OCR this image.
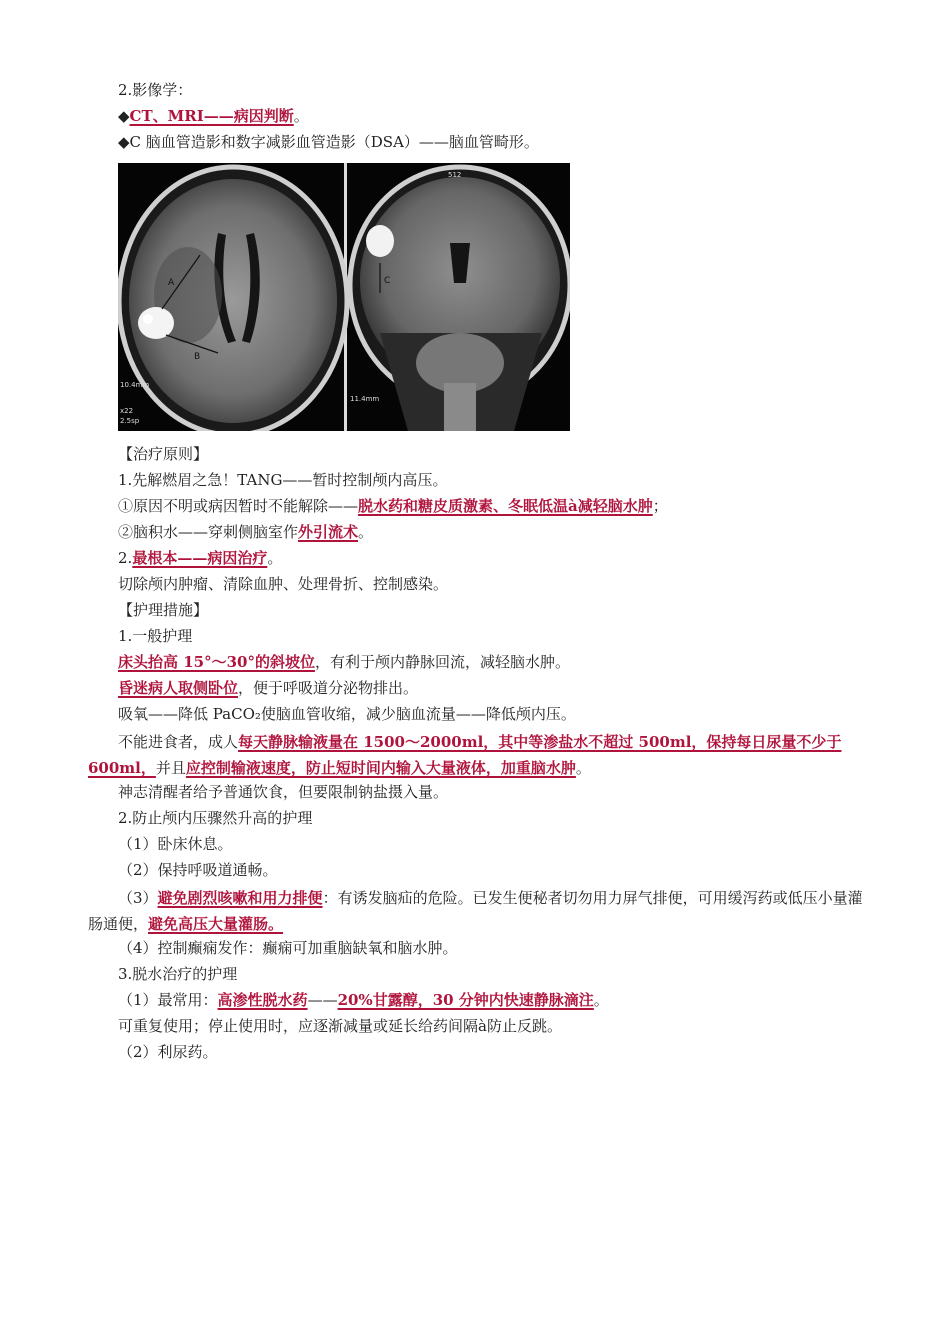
2.影像学：
◆CT、MRI——病因判断。
◆C 脑血管造影和数字减影血管造影（DSA）——脑血管畸形。
A
B
10.4mm
x22
2.5sp
C
11.4mm
512
【治疗原则】
1.先解燃眉之急！TANG——暂时控制颅内高压。
①原因不明或病因暂时不能解除——脱水药和糖皮质激素、冬眠低温à减轻脑水肿；
②脑积水——穿刺侧脑室作外引流术。
2.最根本——病因治疗。
切除颅内肿瘤、清除血肿、处理骨折、控制感染。
【护理措施】
1.一般护理
床头抬高 15°～30°的斜坡位，有利于颅内静脉回流，减轻脑水肿。
昏迷病人取侧卧位，便于呼吸道分泌物排出。
吸氧——降低 PaCO₂使脑血管收缩，减少脑血流量——降低颅内压。
不能进食者，成人每天静脉输液量在 1500～2000ml，其中等渗盐水不超过 500ml，保持每日尿量不少于 600ml，并且应控制输液速度，防止短时间内输入大量液体，加重脑水肿。
神志清醒者给予普通饮食，但要限制钠盐摄入量。
2.防止颅内压骤然升高的护理
（1）卧床休息。
（2）保持呼吸道通畅。
（3）避免剧烈咳嗽和用力排便：有诱发脑疝的危险。已发生便秘者切勿用力屏气排便，可用缓泻药或低压小量灌肠通便，避免高压大量灌肠。
（4）控制癫痫发作：癫痫可加重脑缺氧和脑水肿。
3.脱水治疗的护理
（1）最常用：高渗性脱水药——20%甘露醇，30 分钟内快速静脉滴注。
可重复使用；停止使用时，应逐渐减量或延长给药间隔à防止反跳。
（2）利尿药。
